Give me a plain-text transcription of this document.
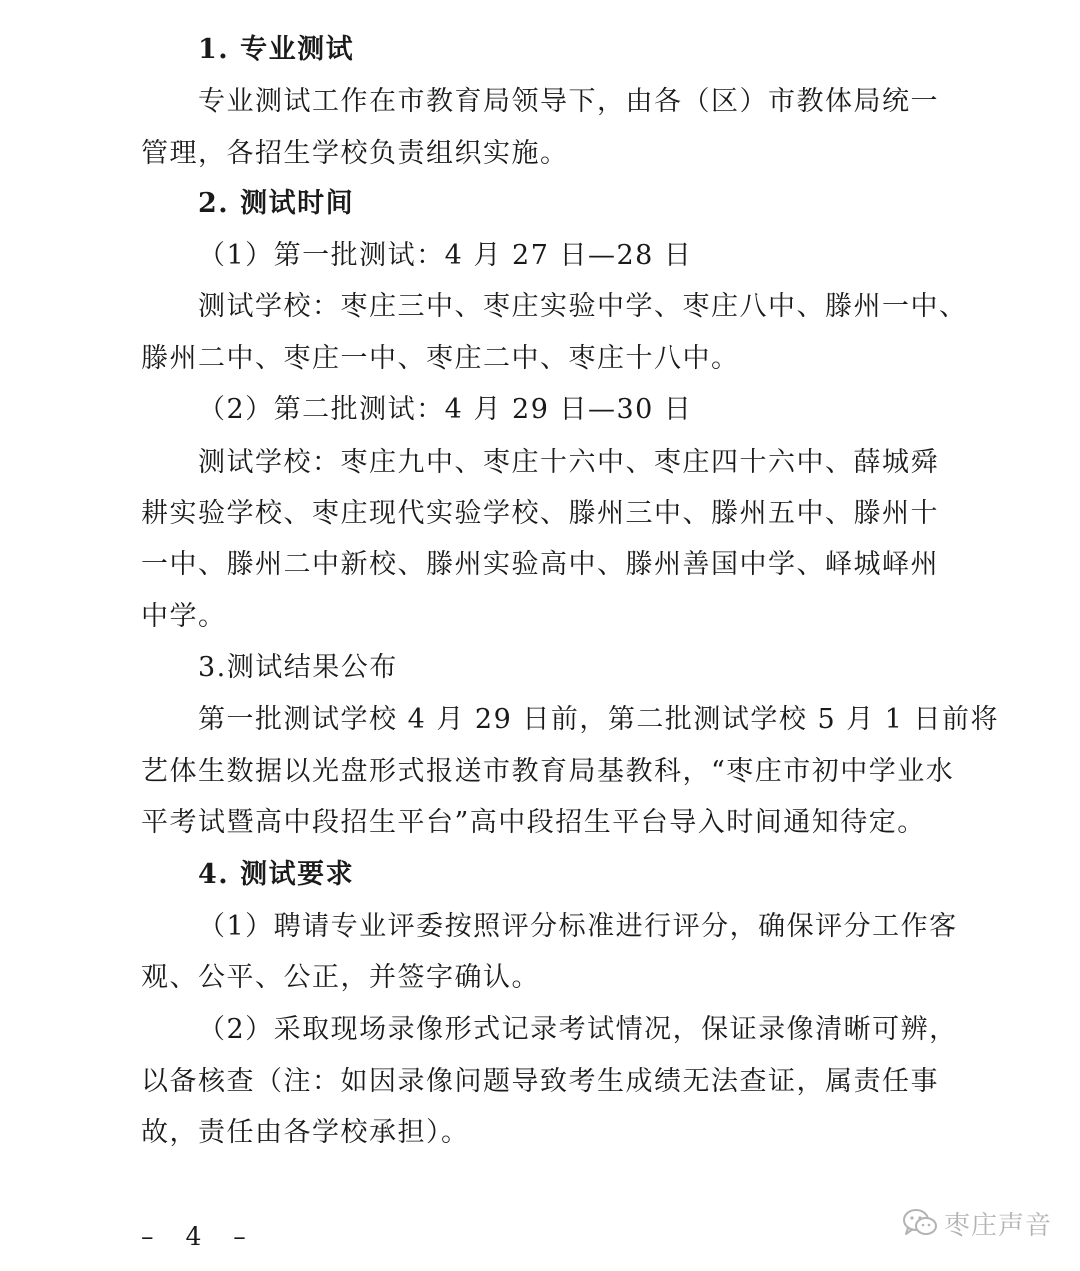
1. 专业测试
专业测试工作在市教育局领导下，由各（区）市教体局统一
管理，各招生学校负责组织实施。
2. 测试时间
（1）第一批测试：4 月 27 日—28 日
测试学校：枣庄三中、枣庄实验中学、枣庄八中、滕州一中、
滕州二中、枣庄一中、枣庄二中、枣庄十八中。
（2）第二批测试：4 月 29 日—30 日
测试学校：枣庄九中、枣庄十六中、枣庄四十六中、薛城舜
耕实验学校、枣庄现代实验学校、滕州三中、滕州五中、滕州十
一中、滕州二中新校、滕州实验高中、滕州善国中学、峄城峄州
中学。
3.测试结果公布
第一批测试学校 4 月 29 日前，第二批测试学校 5 月 1 日前将
艺体生数据以光盘形式报送市教育局基教科，“枣庄市初中学业水
平考试暨高中段招生平台”高中段招生平台导入时间通知待定。
4. 测试要求
（1）聘请专业评委按照评分标准进行评分，确保评分工作客
观、公平、公正，并签字确认。
（2）采取现场录像形式记录考试情况，保证录像清晰可辨，
以备核查（注：如因录像问题导致考生成绩无法查证，属责任事
故，责任由各学校承担）。
– 4 –	枣庄声音
